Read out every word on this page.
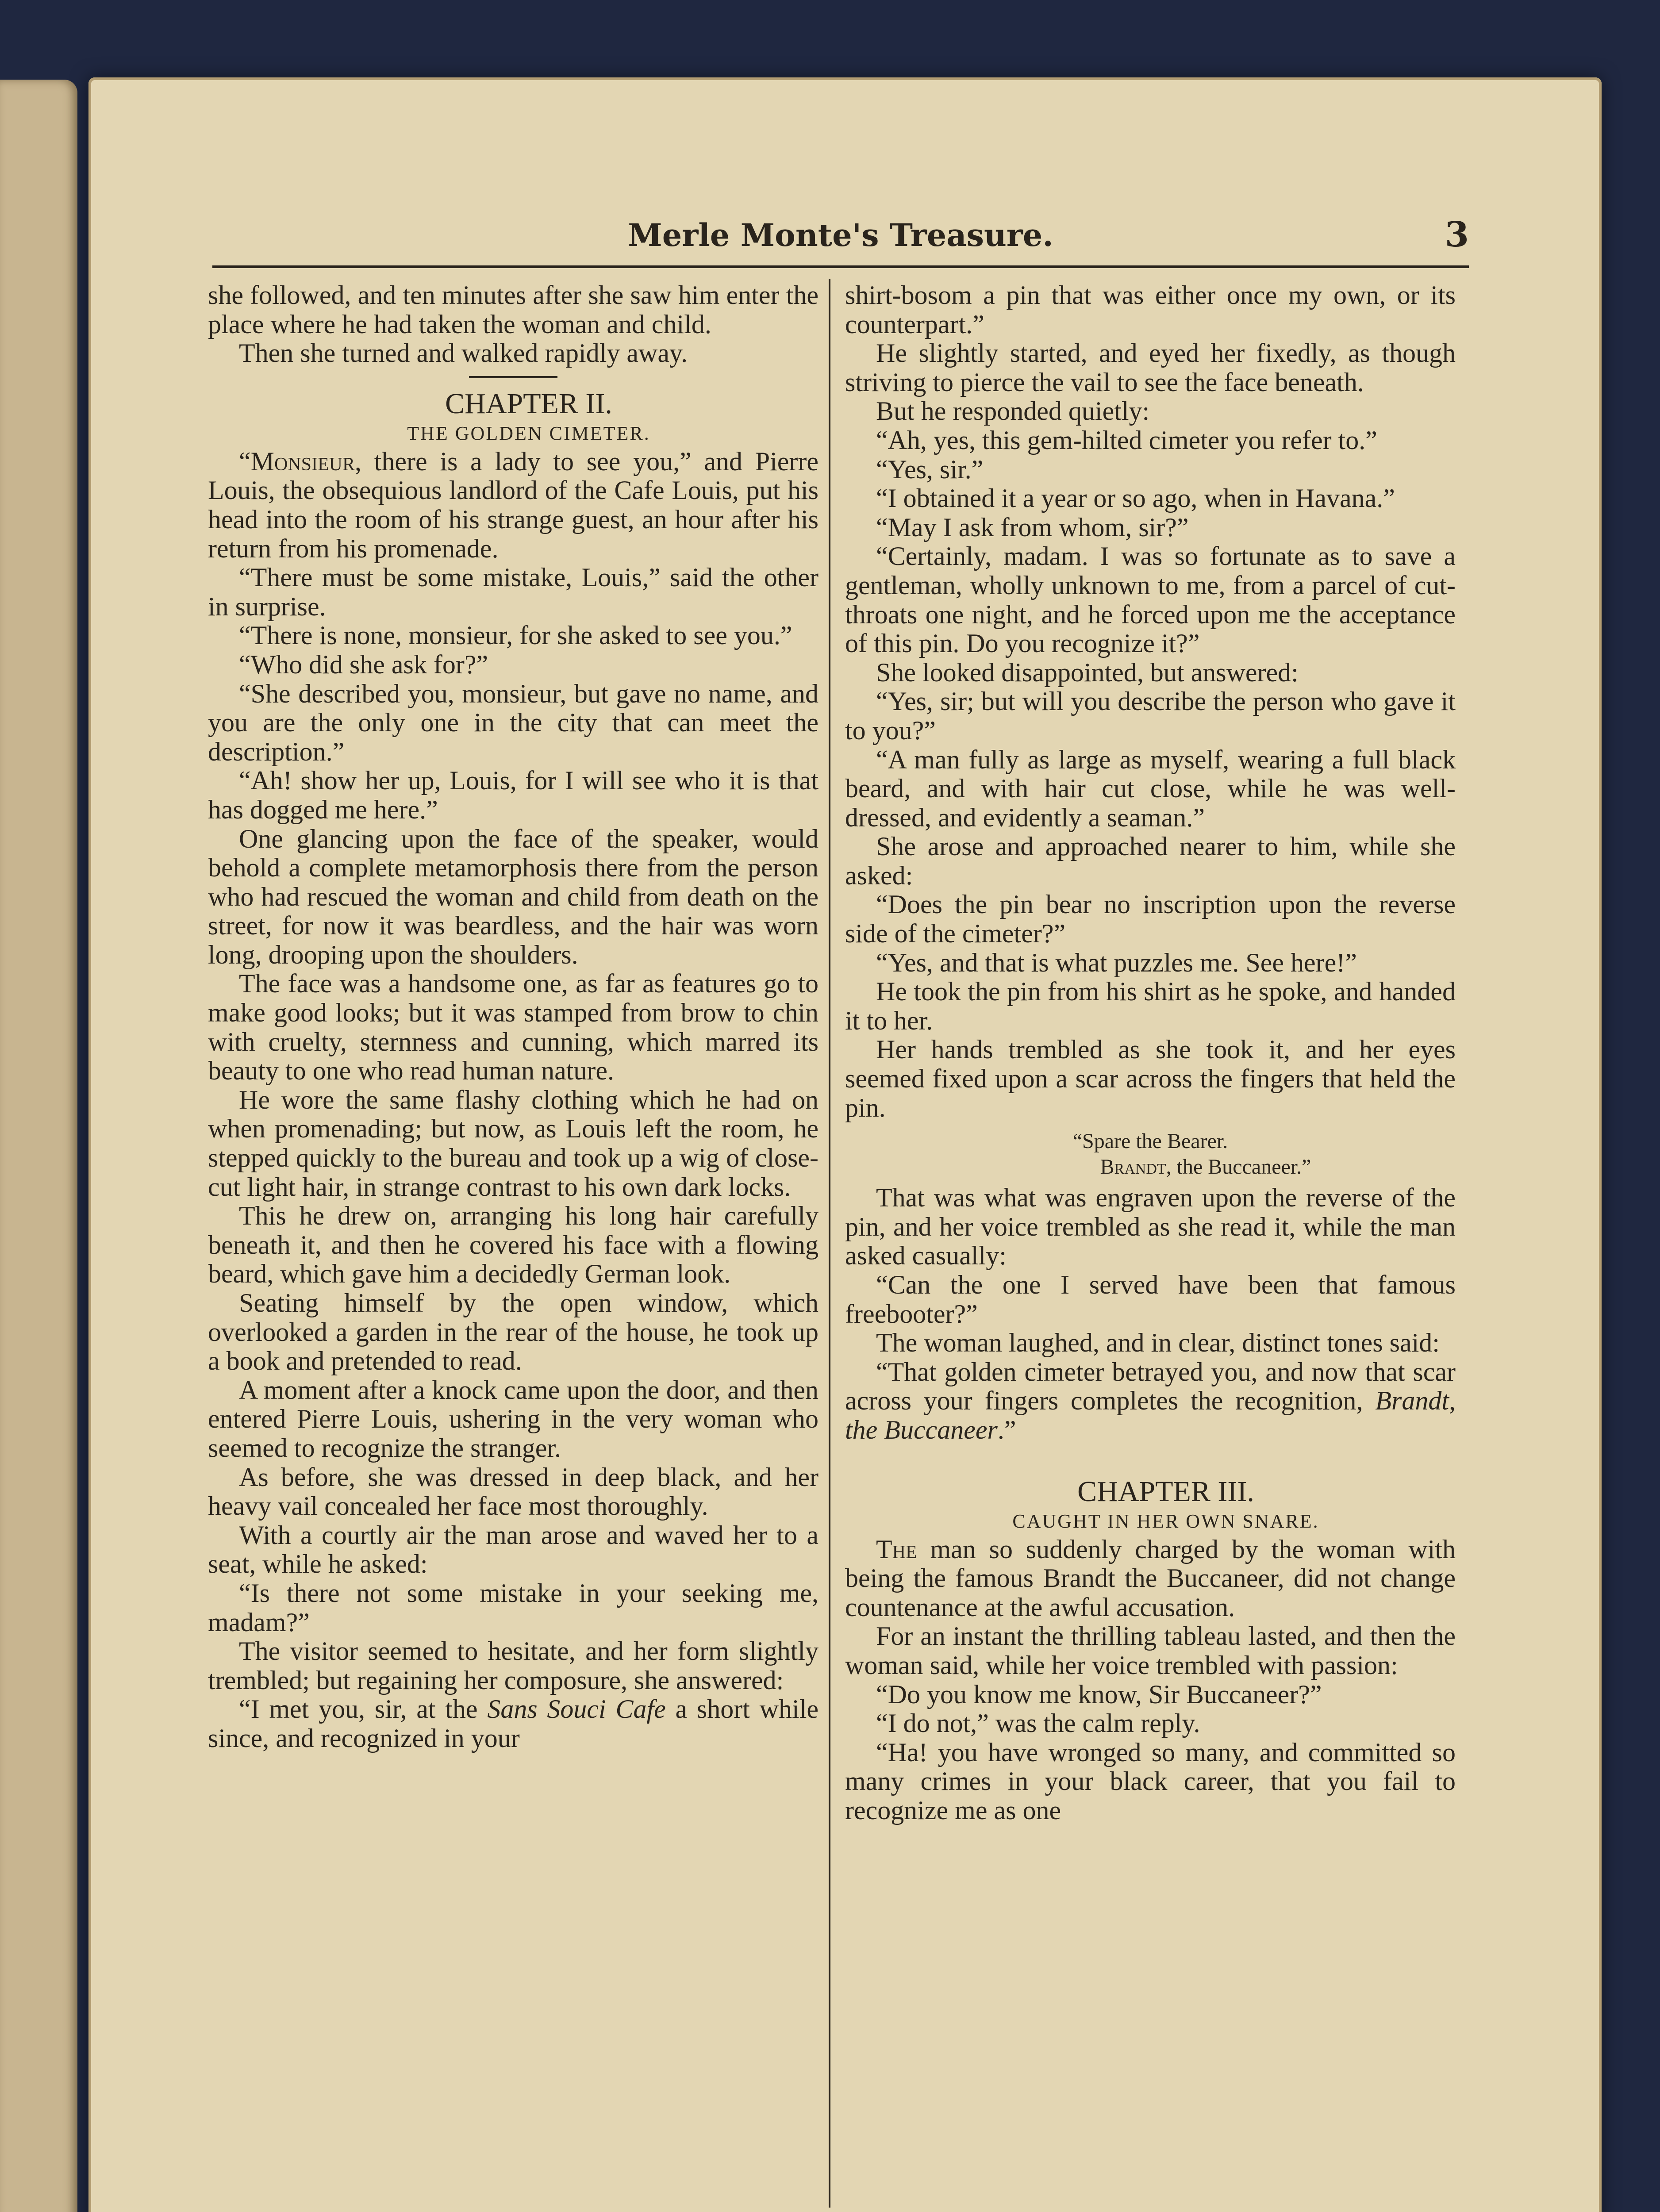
Merle Monte's Treasure.	3

she followed, and ten minutes after she saw him enter the place where he had taken the woman and child.

Then she turned and walked rapidly away.

CHAPTER II.

THE GOLDEN CIMETER.

“Monsieur, there is a lady to see you,” and Pierre Louis, the obsequious landlord of the Cafe Louis, put his head into the room of his strange guest, an hour after his return from his promenade.

“There must be some mistake, Louis,” said the other in surprise.

“There is none, monsieur, for she asked to see you.”

“Who did she ask for?”

“She described you, monsieur, but gave no name, and you are the only one in the city that can meet the description.”

“Ah! show her up, Louis, for I will see who it is that has dogged me here.”

One glancing upon the face of the speaker, would behold a complete metamorphosis there from the person who had rescued the woman and child from death on the street, for now it was beardless, and the hair was worn long, drooping upon the shoulders.

The face was a handsome one, as far as features go to make good looks; but it was stamped from brow to chin with cruelty, sternness and cunning, which marred its beauty to one who read human nature.

He wore the same flashy clothing which he had on when promenading; but now, as Louis left the room, he stepped quickly to the bureau and took up a wig of close-cut light hair, in strange contrast to his own dark locks.

This he drew on, arranging his long hair carefully beneath it, and then he covered his face with a flowing beard, which gave him a decidedly German look.

Seating himself by the open window, which overlooked a garden in the rear of the house, he took up a book and pretended to read.

A moment after a knock came upon the door, and then entered Pierre Louis, ushering in the very woman who seemed to recognize the stranger.

As before, she was dressed in deep black, and her heavy vail concealed her face most thoroughly.

With a courtly air the man arose and waved her to a seat, while he asked:

“Is there not some mistake in your seeking me, madam?”

The visitor seemed to hesitate, and her form slightly trembled; but regaining her composure, she answered:

“I met you, sir, at the Sans Souci Cafe a short while since, and recognized in your

shirt-bosom a pin that was either once my own, or its counterpart.”

He slightly started, and eyed her fixedly, as though striving to pierce the vail to see the face beneath.

But he responded quietly:

“Ah, yes, this gem-hilted cimeter you refer to.”

“Yes, sir.”

“I obtained it a year or so ago, when in Havana.”

“May I ask from whom, sir?”

“Certainly, madam. I was so fortunate as to save a gentleman, wholly unknown to me, from a parcel of cut-throats one night, and he forced upon me the acceptance of this pin. Do you recognize it?”

She looked disappointed, but answered:

“Yes, sir; but will you describe the person who gave it to you?”

“A man fully as large as myself, wearing a full black beard, and with hair cut close, while he was well-dressed, and evidently a seaman.”

She arose and approached nearer to him, while she asked:

“Does the pin bear no inscription upon the reverse side of the cimeter?”

“Yes, and that is what puzzles me. See here!”

He took the pin from his shirt as he spoke, and handed it to her.

Her hands trembled as she took it, and her eyes seemed fixed upon a scar across the fingers that held the pin.

“Spare the Bearer.
Brandt, the Buccaneer.”

That was what was engraven upon the reverse of the pin, and her voice trembled as she read it, while the man asked casually:

“Can the one I served have been that famous freebooter?”

The woman laughed, and in clear, distinct tones said:

“That golden cimeter betrayed you, and now that scar across your fingers completes the recognition, Brandt, the Buccaneer.”

CHAPTER III.

CAUGHT IN HER OWN SNARE.

The man so suddenly charged by the woman with being the famous Brandt the Buccaneer, did not change countenance at the awful accusation.

For an instant the thrilling tableau lasted, and then the woman said, while her voice trembled with passion:

“Do you know me know, Sir Buccaneer?”

“I do not,” was the calm reply.

“Ha! you have wronged so many, and committed so many crimes in your black career, that you fail to recognize me as one
